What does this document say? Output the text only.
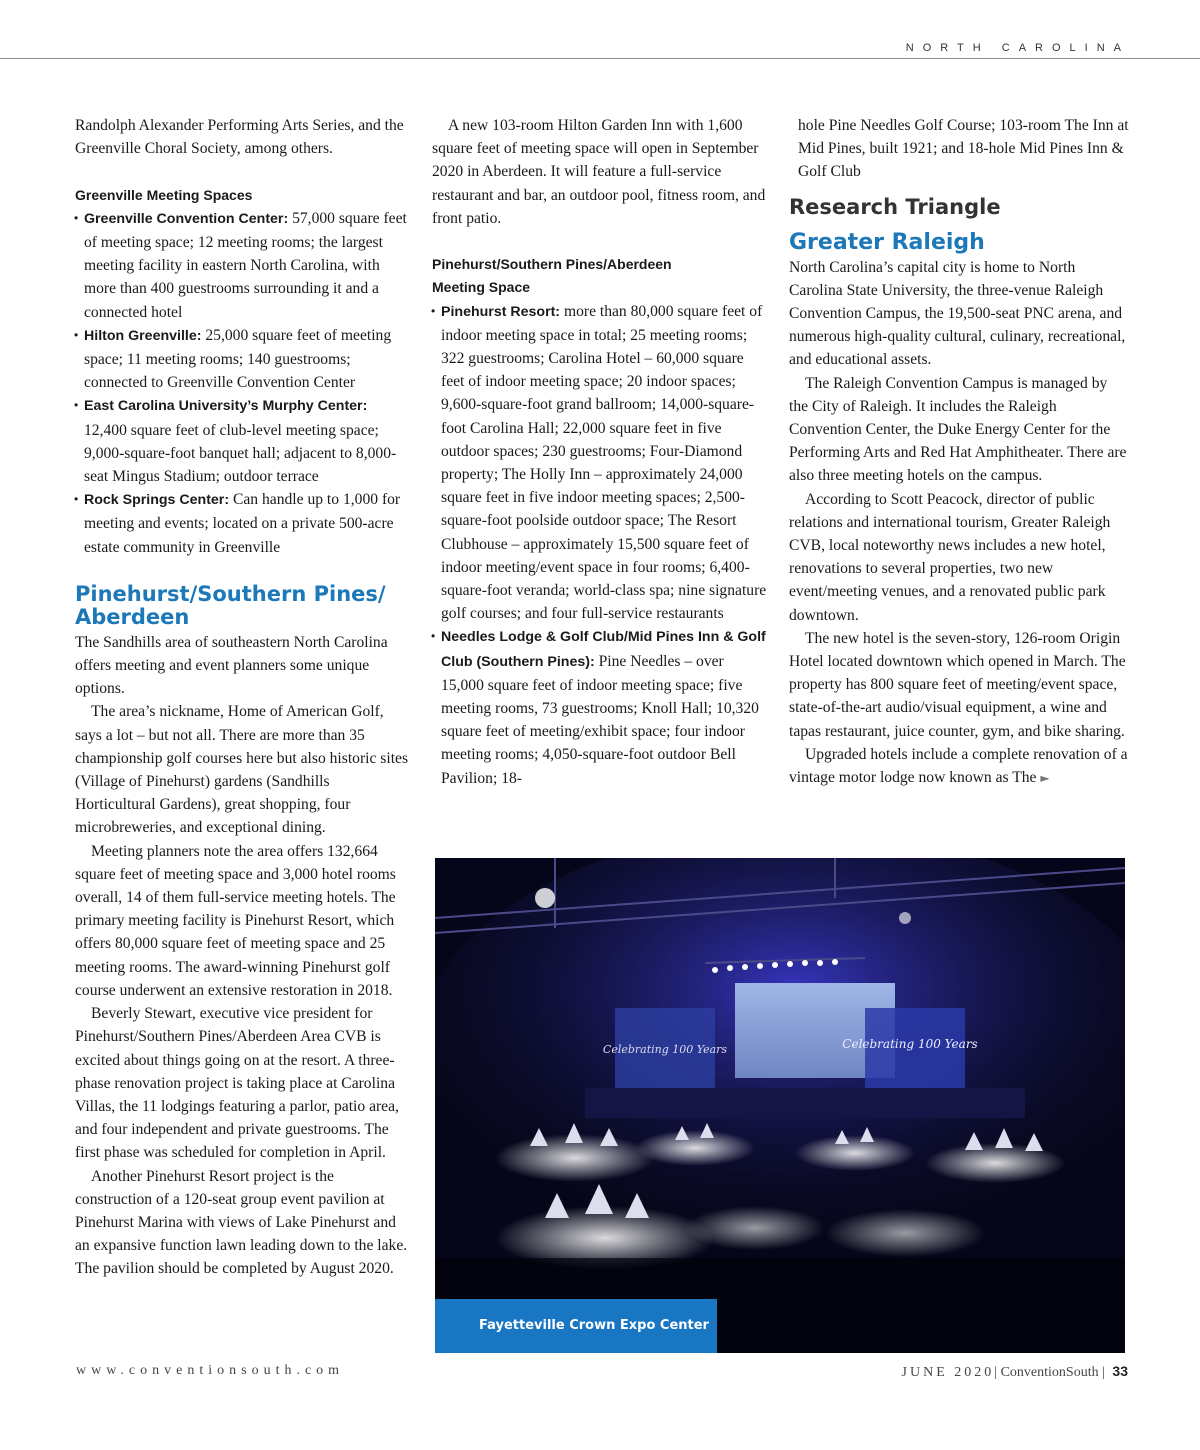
NORTH CAROLINA

Randolph Alexander Performing Arts Series, and the Greenville Choral Society, among others.

Greenville Meeting Spaces

• Greenville Convention Center: 57,000 square feet of meeting space; 12 meeting rooms; the largest meeting facility in eastern North Carolina, with more than 400 guestrooms surrounding it and a connected hotel
• Hilton Greenville: 25,000 square feet of meeting space; 11 meeting rooms; 140 guestrooms; connected to Greenville Convention Center
• East Carolina University’s Murphy Center: 12,400 square feet of club-level meeting space; 9,000-square-foot banquet hall; adjacent to 8,000-seat Mingus Stadium; outdoor terrace
• Rock Springs Center: Can handle up to 1,000 for meeting and events; located on a private 500-acre estate community in Greenville
Pinehurst/Southern Pines/
Aberdeen

The Sandhills area of southeastern North Carolina offers meeting and event planners some unique options.

The area’s nickname, Home of American Golf, says a lot – but not all. There are more than 35 championship golf courses here but also historic sites (Village of Pinehurst) gardens (Sandhills Horticultural Gardens), great shopping, four microbreweries, and exceptional dining.

Meeting planners note the area offers 132,664 square feet of meeting space and 3,000 hotel rooms overall, 14 of them full-service meeting hotels. The primary meeting facility is Pinehurst Resort, which offers 80,000 square feet of meeting space and 25 meeting rooms. The award-winning Pinehurst golf course underwent an extensive restoration in 2018.

Beverly Stewart, executive vice president for Pinehurst/Southern Pines/Aberdeen Area CVB is excited about things going on at the resort. A three-phase renovation project is taking place at Carolina Villas, the 11 lodgings featuring a parlor, patio area, and four independent and private guestrooms. The first phase was scheduled for completion in April.

Another Pinehurst Resort project is the construction of a 120-seat group event pavilion at Pinehurst Marina with views of Lake Pinehurst and an expansive function lawn leading down to the lake. The pavilion should be completed by August 2020.

A new 103-room Hilton Garden Inn with 1,600 square feet of meeting space will open in September 2020 in Aberdeen. It will feature a full-service restaurant and bar, an outdoor pool, fitness room, and front patio.

Pinehurst/Southern Pines/Aberdeen
Meeting Space

• Pinehurst Resort: more than 80,000 square feet of indoor meeting space in total; 25 meeting rooms; 322 guestrooms; Carolina Hotel – 60,000 square feet of indoor meeting space; 20 indoor spaces; 9,600-square-foot grand ballroom; 14,000-square-foot Carolina Hall; 22,000 square feet in five outdoor spaces; 230 guestrooms; Four-Diamond property; The Holly Inn – approximately 24,000 square feet in five indoor meeting spaces; 2,500-square-foot poolside outdoor space; The Resort Clubhouse – approximately 15,500 square feet of indoor meeting/event space in four rooms; 6,400-square-foot veranda; world-class spa; nine signature golf courses; and four full-service restaurants
• Needles Lodge & Golf Club/Mid Pines Inn & Golf Club (Southern Pines): Pine Needles – over 15,000 square feet of indoor meeting space; five meeting rooms, 73 guestrooms; Knoll Hall; 10,320 square feet of meeting/exhibit space; four indoor meeting rooms; 4,050-square-foot outdoor Bell Pavilion; 18-

hole Pine Needles Golf Course; 103-room The Inn at Mid Pines, built 1921; and 18-hole Mid Pines Inn & Golf Club

Research Triangle
Greater Raleigh

North Carolina’s capital city is home to North Carolina State University, the three-venue Raleigh Convention Campus, the 19,500-seat PNC arena, and numerous high-quality cultural, culinary, recreational, and educational assets.

The Raleigh Convention Campus is managed by the City of Raleigh. It includes the Raleigh Convention Center, the Duke Energy Center for the Performing Arts and Red Hat Amphitheater. There are also three meeting hotels on the campus.

According to Scott Peacock, director of public relations and international tourism, Greater Raleigh CVB, local noteworthy news includes a new hotel, renovations to several properties, two new event/meeting venues, and a renovated public park downtown.

The new hotel is the seven-story, 126-room Origin Hotel located downtown which opened in March. The property has 800 square feet of meeting/event space, state-of-the-art audio/visual equipment, a wine and tapas restaurant, juice counter, gym, and bike sharing.

Upgraded hotels include a complete renovation of a vintage motor lodge now known as The ►

Celebrating 100 Years	Celebrating 100 Years
Fayetteville Crown Expo Center
www.conventionsouth.com	JUNE 2020| ConventionSouth | 33
